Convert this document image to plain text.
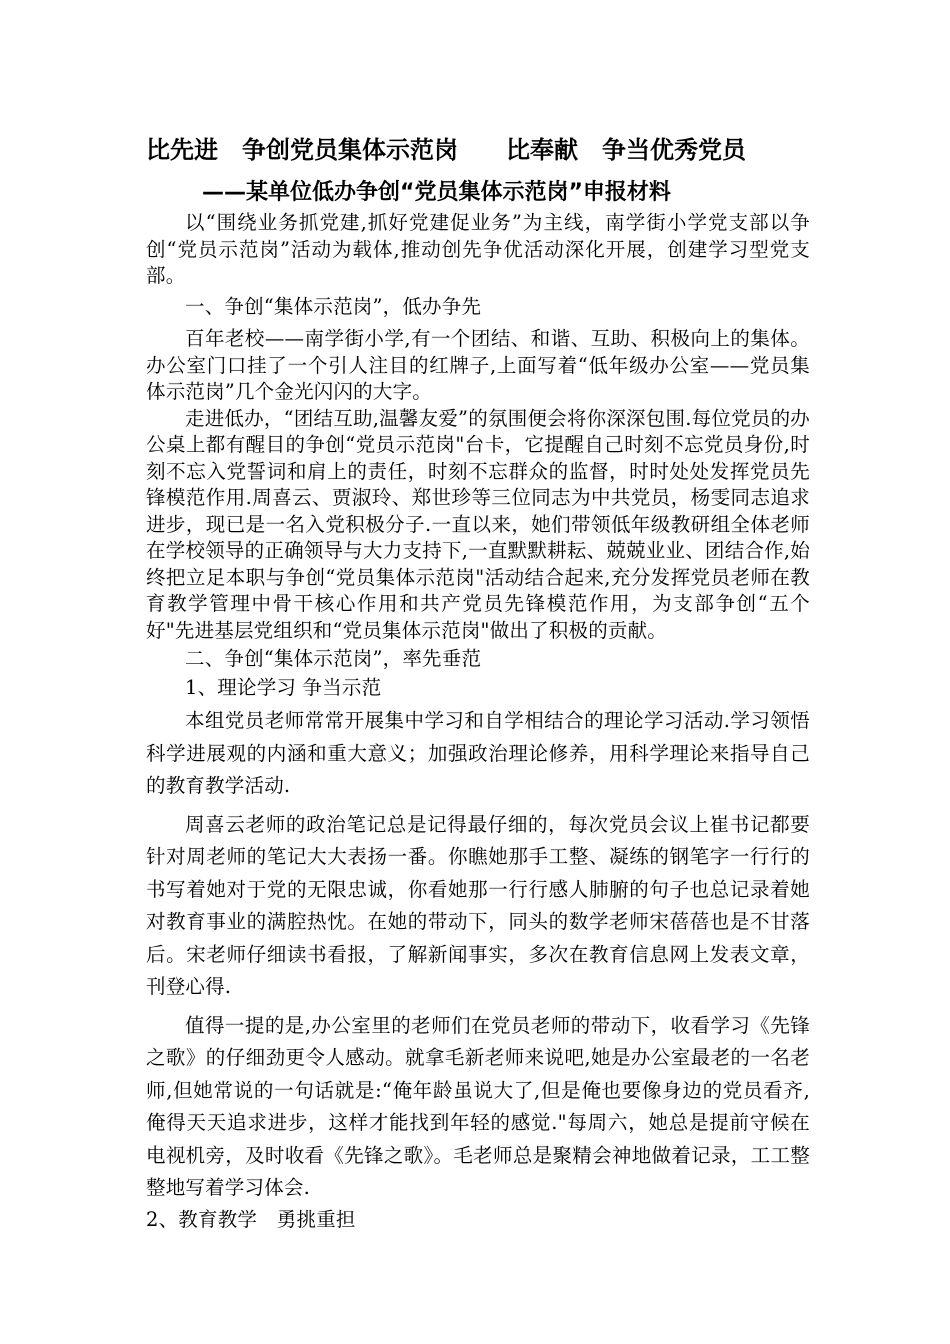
比先进　争创党员集体示范岗　　比奉献　争当优秀党员
——某单位低办争创“党员集体示范岗”申报材料

以“围绕业务抓党建,抓好党建促业务”为主线，南学街小学党支部以争创“党员示范岗”活动为载体,推动创先争优活动深化开展，创建学习型党支部。

一、争创“集体示范岗”，低办争先

百年老校——南学街小学,有一个团结、和谐、互助、积极向上的集体。办公室门口挂了一个引人注目的红牌子,上面写着“低年级办公室——党员集体示范岗”几个金光闪闪的大字。

走进低办，“团结互助,温馨友爱”的氛围便会将你深深包围.每位党员的办公桌上都有醒目的争创“党员示范岗"台卡，它提醒自己时刻不忘党员身份,时刻不忘入党誓词和肩上的责任，时刻不忘群众的监督，时时处处发挥党员先锋模范作用.周喜云、贾淑玲、郑世珍等三位同志为中共党员，杨雯同志追求进步，现已是一名入党积极分子.一直以来，她们带领低年级教研组全体老师在学校领导的正确领导与大力支持下,一直默默耕耘、兢兢业业、团结合作,始终把立足本职与争创“党员集体示范岗"活动结合起来,充分发挥党员老师在教育教学管理中骨干核心作用和共产党员先锋模范作用，为支部争创“五个好"先进基层党组织和“党员集体示范岗"做出了积极的贡献。

二、争创“集体示范岗”，率先垂范

1、理论学习 争当示范

本组党员老师常常开展集中学习和自学相结合的理论学习活动.学习领悟科学进展观的内涵和重大意义；加强政治理论修养，用科学理论来指导自己的教育教学活动.

周喜云老师的政治笔记总是记得最仔细的，每次党员会议上崔书记都要针对周老师的笔记大大表扬一番。你瞧她那手工整、凝练的钢笔字一行行的书写着她对于党的无限忠诚，你看她那一行行感人肺腑的句子也总记录着她对教育事业的满腔热忱。在她的带动下，同头的数学老师宋蓓蓓也是不甘落后。宋老师仔细读书看报，了解新闻事实，多次在教育信息网上发表文章，刊登心得.

值得一提的是,办公室里的老师们在党员老师的带动下，收看学习《先锋之歌》的仔细劲更令人感动。就拿毛新老师来说吧,她是办公室最老的一名老师,但她常说的一句话就是:“俺年龄虽说大了,但是俺也要像身边的党员看齐,俺得天天追求进步，这样才能找到年轻的感觉."每周六，她总是提前守候在电视机旁，及时收看《先锋之歌》。毛老师总是聚精会神地做着记录，工工整整地写着学习体会.

2、教育教学　勇挑重担
